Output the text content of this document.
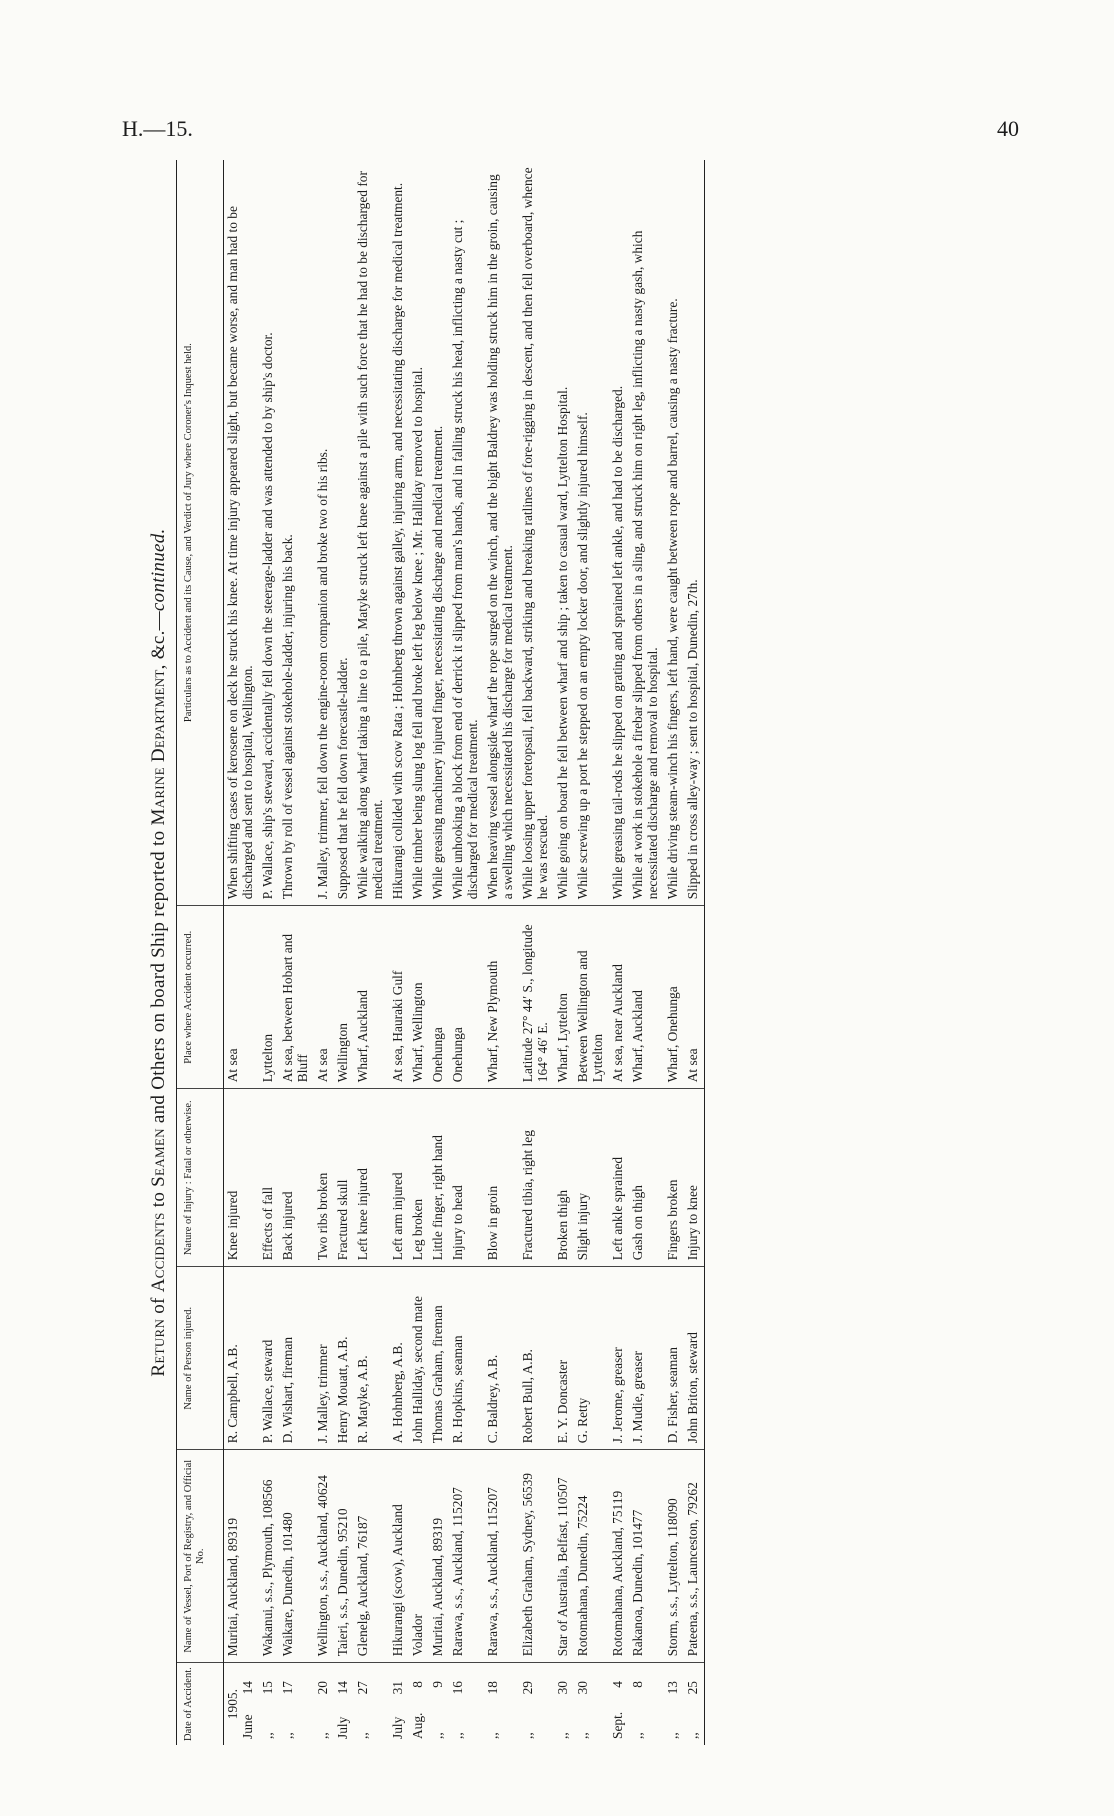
H.—15.	40
Return of Accidents to Seamen and Others on board Ship reported to Marine Department, &c.—continued.
Date of Accident.	Name of Vessel, Port of Registry, and Official No.	Name of Person injured.	Nature of Injury : Fatal or otherwise.	Place where Accident occurred.	Particulars as to Accident and its Cause, and Verdict of Jury where Coroner's Inquest held.

1905.
June14	Muritai, Auckland, 89319	R. Campbell, A.B.	Knee injured	At sea	When shifting cases of kerosene on deck he struck his knee. At time injury appeared slight, but became worse, and man had to be discharged and sent to hospital, Wellington.
,,15	Wakanui, s.s., Plymouth, 108566	P. Wallace, steward	Effects of fall	Lyttelton	P. Wallace, ship's steward, accidentally fell down the steerage-ladder and was attended to by ship's doctor.
,,17	Waikare, Dunedin, 101480	D. Wishart, fireman	Back injured	At sea, between Hobart and Bluff	Thrown by roll of vessel against stokehole-ladder, injuring his back.
,,20	Wellington, s.s., Auckland, 40624	J. Malley, trimmer	Two ribs broken	At sea	J. Malley, trimmer, fell down the engine-room companion and broke two of his ribs.
July14	Taieri, s.s., Dunedin, 95210	Henry Mouatt, A.B.	Fractured skull	Wellington	Supposed that he fell down forecastle-ladder.
,,27	Glenelg, Auckland, 76187	R. Matyke, A.B.	Left knee injured	Wharf, Auckland	While walking along wharf taking a line to a pile, Matyke struck left knee against a pile with such force that he had to be discharged for medical treatment.
July31	Hikurangi (scow), Auckland	A. Hohnberg, A.B.	Left arm injured	At sea, Hauraki Gulf	Hikurangi collided with scow Rata ; Hohnberg thrown against galley, injuring arm, and necessitating discharge for medical treatment.
Aug.8	Volador	John Halliday, second mate	Leg broken	Wharf, Wellington	While timber being slung log fell and broke left leg below knee ; Mr. Halliday removed to hospital.
,,9	Muritai, Auckland, 89319	Thomas Graham, fireman	Little finger, right hand	Onehunga	While greasing machinery injured finger, necessitating discharge and medical treatment.
,,16	Rarawa, s.s., Auckland, 115207	R. Hopkins, seaman	Injury to head	Onehunga	While unhooking a block from end of derrick it slipped from man's hands, and in falling struck his head, inflicting a nasty cut ; discharged for medical treatment.
,,18	Rarawa, s.s., Auckland, 115207	C. Baldrey, A.B.	Blow in groin	Wharf, New Plymouth	When heaving vessel alongside wharf the rope surged on the winch, and the bight Baldrey was holding struck him in the groin, causing a swelling which necessitated his discharge for medical treatment.
,,29	Elizabeth Graham, Sydney, 56539	Robert Bull, A.B.	Fractured tibia, right leg	Latitude 27° 44′ S., longitude 164° 46′ E.	While loosing upper foretopsail, fell backward, striking and breaking ratlines of fore-rigging in descent, and then fell overboard, whence he was rescued.
,,30	Star of Australia, Belfast, 110507	E. Y. Doncaster	Broken thigh	Wharf, Lyttelton	While going on board he fell between wharf and ship ; taken to casual ward, Lyttelton Hospital.
,,30	Rotomahana, Dunedin, 75224	G. Retty	Slight injury	Between Wellington and Lyttelton	While screwing up a port he stepped on an empty locker door, and slightly injured himself.
Sept.4	Rotomahana, Auckland, 75119	J. Jerome, greaser	Left ankle sprained	At sea, near Auckland	While greasing tail-rods he slipped on grating and sprained left ankle, and had to be discharged.
,,8	Rakanoa, Dunedin, 101477	J. Mudie, greaser	Gash on thigh	Wharf, Auckland	While at work in stokehole a firebar slipped from others in a sling, and struck him on right leg, inflicting a nasty gash, which necessitated discharge and removal to hospital.
,,13	Storm, s.s., Lyttelton, 118090	D. Fisher, seaman	Fingers broken	Wharf, Onehunga	While driving steam-winch his fingers, left hand, were caught between rope and barrel, causing a nasty fracture.
,,25	Pateena, s.s., Launceston, 79262	John Briton, steward	Injury to knee	At sea	Slipped in cross alley-way ; sent to hospital, Dunedin, 27th.
